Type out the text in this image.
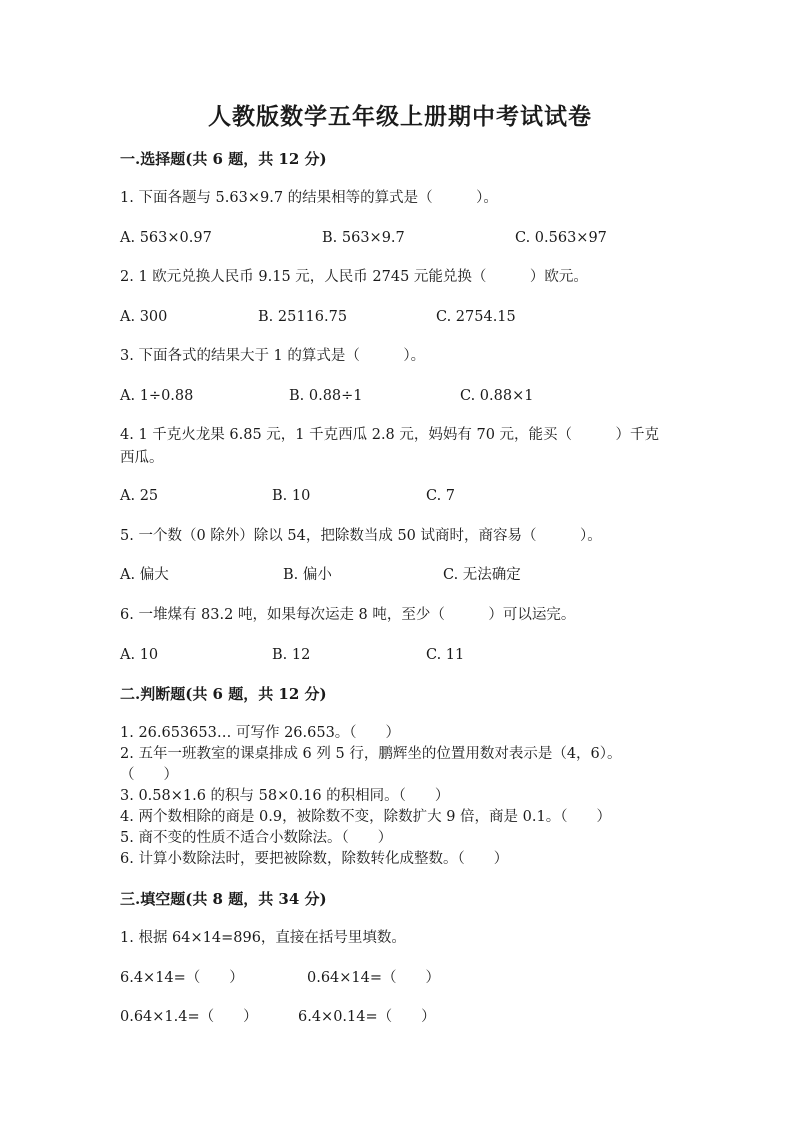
人教版数学五年级上册期中考试试卷
一.选择题(共 6 题，共 12 分)
1. 下面各题与 5.63×9.7 的结果相等的算式是（　　　）。
A. 563×0.97	B. 563×9.7	C. 0.563×97
2. 1 欧元兑换人民币 9.15 元，人民币 2745 元能兑换（　　　）欧元。
A. 300	B. 25116.75	C. 2754.15
3. 下面各式的结果大于 1 的算式是（　　　）。
A. 1÷0.88	B. 0.88÷1	C. 0.88×1
4. 1 千克火龙果 6.85 元，1 千克西瓜 2.8 元，妈妈有 70 元，能买（　　　）千克
西瓜。
A. 25	B. 10	C. 7
5. 一个数（0 除外）除以 54，把除数当成 50 试商时，商容易（　　　）。
A. 偏大	B. 偏小	C. 无法确定
6. 一堆煤有 83.2 吨，如果每次运走 8 吨，至少（　　　）可以运完。
A. 10	B. 12	C. 11
二.判断题(共 6 题，共 12 分)
1. 26.653653… 可写作 26.653。（　　）
2. 五年一班教室的课桌排成 6 列 5 行，鹏辉坐的位置用数对表示是（4，6）。
（　　）
3. 0.58×1.6 的积与 58×0.16 的积相同。（　　）
4. 两个数相除的商是 0.9，被除数不变，除数扩大 9 倍，商是 0.1。（　　）
5. 商不变的性质不适合小数除法。（　　）
6. 计算小数除法时，要把被除数，除数转化成整数。（　　）
三.填空题(共 8 题，共 34 分)
1. 根据 64×14=896，直接在括号里填数。
6.4×14=（　　）	0.64×14=（　　）
0.64×1.4=（　　）	6.4×0.14=（　　）
